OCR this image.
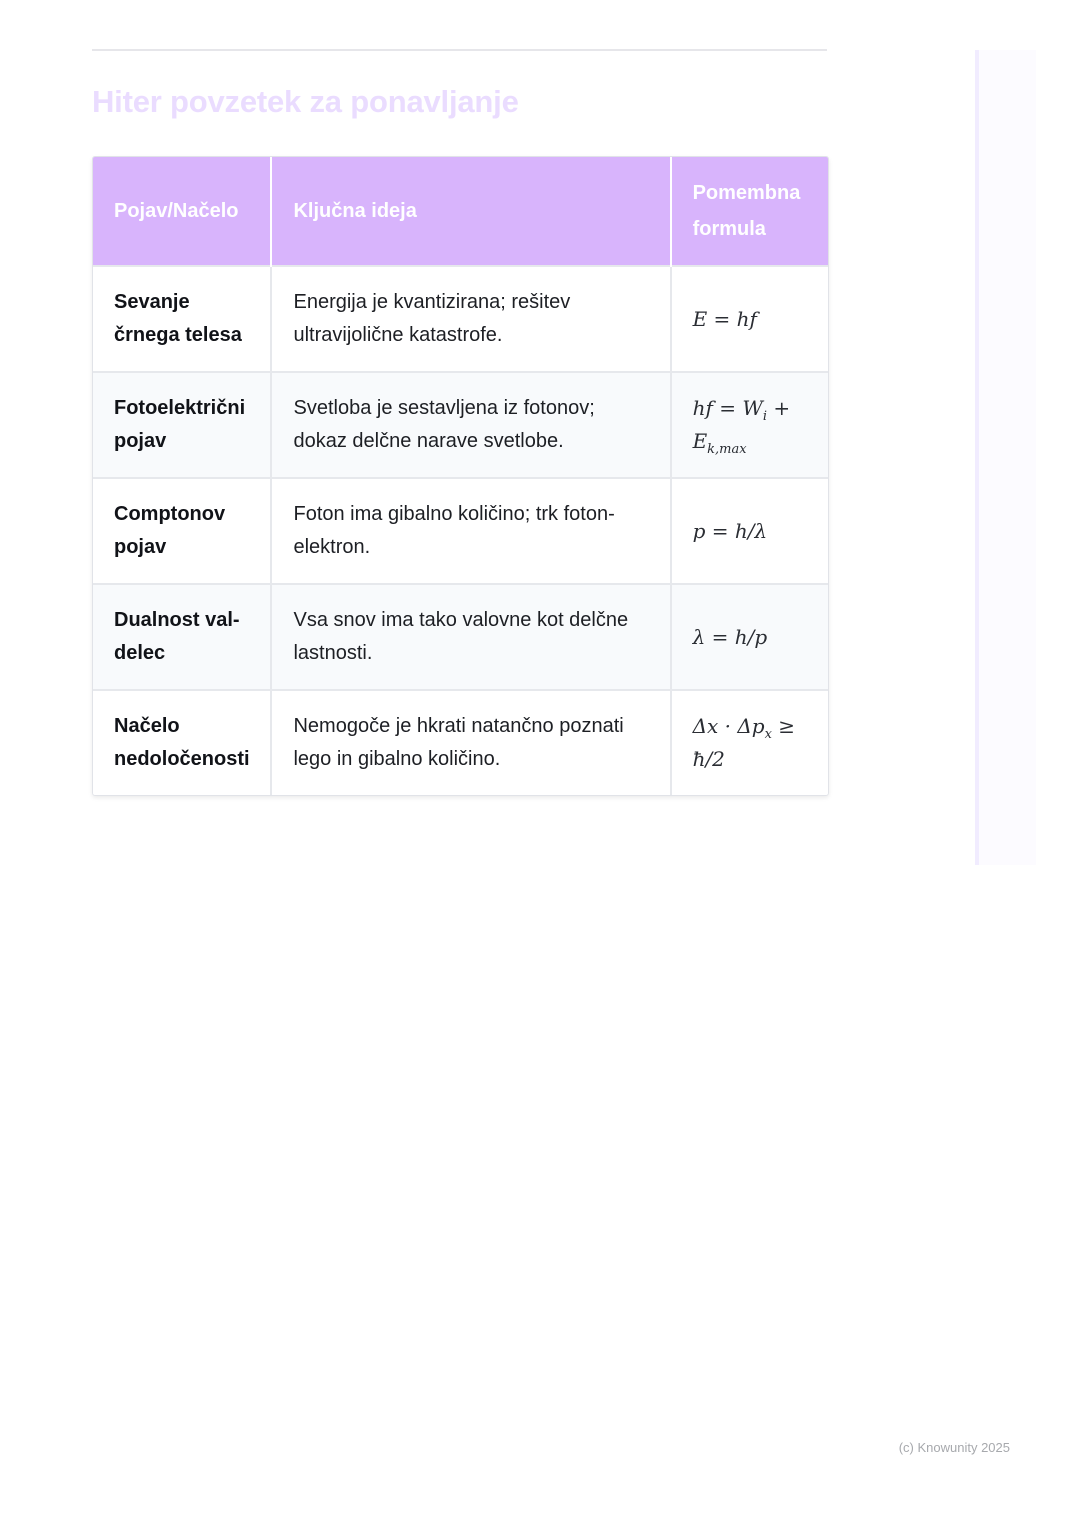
Hiter povzetek za ponavljanje
Pojav/Načelo	Ključna ideja	Pomembna formula
Sevanje črnega telesa	Energija je kvantizirana; rešitev ultravijolične katastrofe.	E = hf
Fotoelektrični pojav	Svetloba je sestavljena iz fotonov; dokaz delčne narave svetlobe.	hf = $W_i + E_{k,max}$
Comptonov pojav	Foton ima gibalno količino; trk foton-elektron.	p = h/λ
Dualnost val-delec	Vsa snov ima tako valovne kot delčne lastnosti.	λ = h/p
Načelo nedoločenosti	Nemogoče je hkrati natančno poznati lego in gibalno količino.	$\Delta x \cdot \Delta p_x$ ≥ ħ/2
(c) Knowunity 2025
